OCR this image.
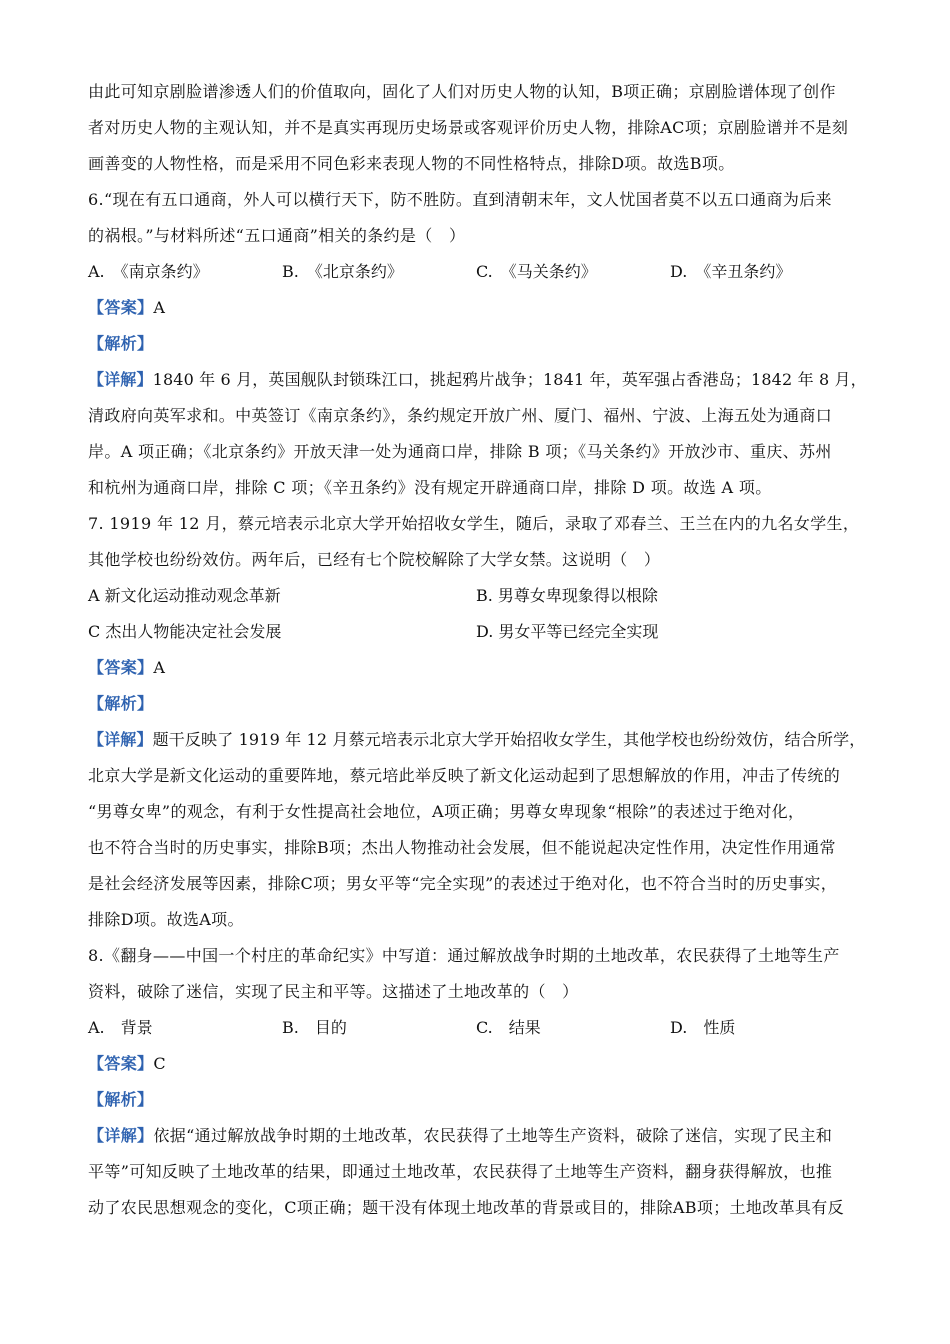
由此可知京剧脸谱渗透人们的价值取向，固化了人们对历史人物的认知，B项正确；京剧脸谱体现了创作
者对历史人物的主观认知，并不是真实再现历史场景或客观评价历史人物，排除AC项；京剧脸谱并不是刻
画善变的人物性格，而是采用不同色彩来表现人物的不同性格特点，排除D项。故选B项。
6.“现在有五口通商，外人可以横行天下，防不胜防。直到清朝末年，文人忧国者莫不以五口通商为后来
的祸根。”与材料所述“五口通商”相关的条约是（　）
A.　《南京条约》	B.　《北京条约》	C.　《马关条约》	D.　《辛丑条约》
【答案】A
【解析】
【详解】1840 年 6 月，英国舰队封锁珠江口，挑起鸦片战争；1841 年，英军强占香港岛；1842 年 8 月，
清政府向英军求和。中英签订《南京条约》，条约规定开放广州、厦门、福州、宁波、上海五处为通商口
岸。A 项正确；《北京条约》开放天津一处为通商口岸，排除 B 项；《马关条约》开放沙市、重庆、苏州
和杭州为通商口岸，排除 C 项；《辛丑条约》没有规定开辟通商口岸，排除 D 项。故选 A 项。
7. 1919 年 12 月，蔡元培表示北京大学开始招收女学生，随后，录取了邓春兰、王兰在内的九名女学生，
其他学校也纷纷效仿。两年后，已经有七个院校解除了大学女禁。这说明（　）
A 新文化运动推动观念革新	B. 男尊女卑现象得以根除
C 杰出人物能决定社会发展	D. 男女平等已经完全实现
【答案】A
【解析】
【详解】题干反映了 1919 年 12 月蔡元培表示北京大学开始招收女学生，其他学校也纷纷效仿，结合所学，
北京大学是新文化运动的重要阵地，蔡元培此举反映了新文化运动起到了思想解放的作用，冲击了传统的
“男尊女卑”的观念，有利于女性提高社会地位，A项正确；男尊女卑现象“根除”的表述过于绝对化，
也不符合当时的历史事实，排除B项；杰出人物推动社会发展，但不能说起决定性作用，决定性作用通常
是社会经济发展等因素，排除C项；男女平等“完全实现”的表述过于绝对化，也不符合当时的历史事实，
排除D项。故选A项。
8.《翻身——中国一个村庄的革命纪实》中写道：通过解放战争时期的土地改革，农民获得了土地等生产
资料，破除了迷信，实现了民主和平等。这描述了土地改革的（　）
A.　背景	B.　目的	C.　结果	D.　性质
【答案】C
【解析】
【详解】依据“通过解放战争时期的土地改革，农民获得了土地等生产资料，破除了迷信，实现了民主和
平等”可知反映了土地改革的结果，即通过土地改革，农民获得了土地等生产资料，翻身获得解放，也推
动了农民思想观念的变化，C项正确；题干没有体现土地改革的背景或目的，排除AB项；土地改革具有反
